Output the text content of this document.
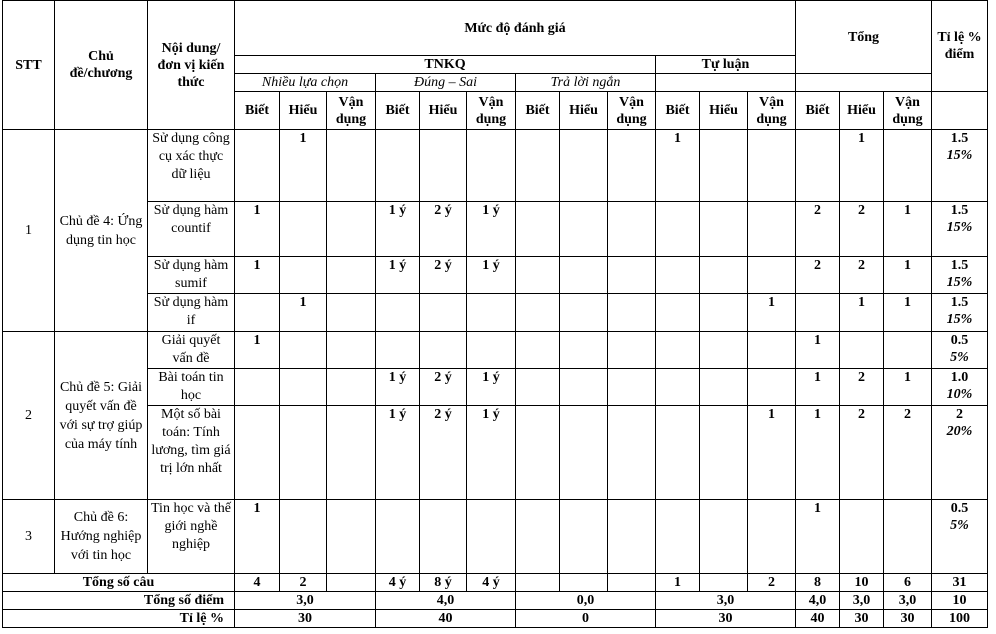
STT	Chủ đề/chương	Nội dung/đơn vị kiến thức	Mức độ đánh giá												Tổng			Tỉ lệ % điểm
			TNKQ									Tự luận						
			Nhiều lựa chọn			Đúng – Sai			Trả lời ngắn									
			Biết	Hiểu	Vận dụng	Biết	Hiểu	Vận dụng	Biết	Hiểu	Vận dụng	Biết	Hiểu	Vận dụng	Biết	Hiểu	Vận dụng	
1	Chủ đề 4: Ứng dụng tin học	Sử dụng công cụ xác thực dữ liệu		1								1				1		1.5
15%

		Sử dụng hàm countif	1			1 ý	2 ý	1 ý							2	2	1	1.5
15%

		Sử dụng hàm sumif	1			1 ý	2 ý	1 ý							2	2	1	1.5
15%

		Sử dụng hàm if		1										1		1	1	1.5
15%

2	Chủ đề 5: Giải quyết vấn đề với sự trợ giúp của máy tính	Giải quyết vấn đề	1												1			0.5
5%

		Bài toán tin học				1 ý	2 ý	1 ý							1	2	1	1.0
10%

		Một số bài toán: Tính lương, tìm giá trị lớn nhất				1 ý	2 ý	1 ý						1	1	2	2	2
20%

3	Chủ đề 6: Hướng nghiệp với tin học	Tin học và thế giới nghề nghiệp	1												1			0.5
5%

Tổng số câu			4	2		4 ý	8 ý	4 ý				1		2	8	10	6	31
Tổng số điểm			3,0			4,0			0,0			3,0			4,0	3,0	3,0	10
Tỉ lệ %			30			40			0			30			40	30	30	100
